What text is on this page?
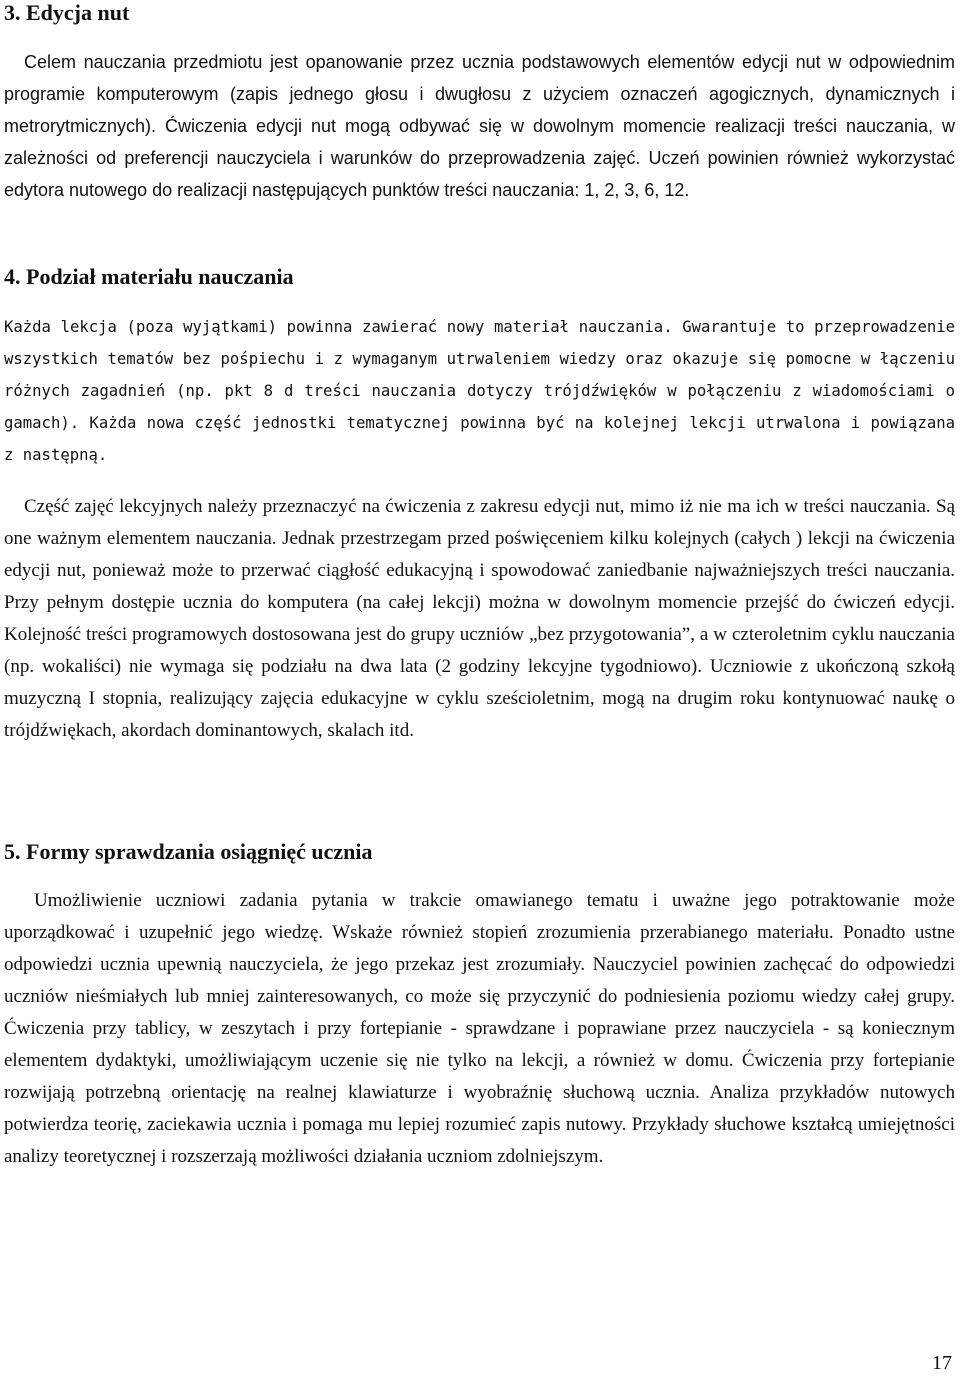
3. Edycja nut

Celem nauczania przedmiotu jest opanowanie przez ucznia podstawowych elementów edycji nut w odpowiednim programie komputerowym (zapis jednego głosu i dwugłosu z użyciem oznaczeń agogicznych, dynamicznych i metrorytmicznych). Ćwiczenia edycji nut mogą odbywać się w dowolnym momencie realizacji treści nauczania, w zależności od preferencji nauczyciela i warunków do przeprowadzenia zajęć. Uczeń powinien również wykorzystać edytora nutowego do realizacji następujących punktów treści nauczania: 1, 2, 3, 6, 12.

4. Podział materiału nauczania

Każda lekcja (poza wyjątkami) powinna zawierać nowy materiał nauczania. Gwarantuje to przeprowadzenie wszystkich tematów bez pośpiechu i z wymaganym utrwaleniem wiedzy oraz okazuje się pomocne w łączeniu różnych zagadnień (np. pkt 8 d treści nauczania dotyczy trójdźwięków w połączeniu z wiadomościami o gamach). Każda nowa część jednostki tematycznej powinna być na kolejnej lekcji utrwalona i powiązana z następną.

Część zajęć lekcyjnych należy przeznaczyć na ćwiczenia z zakresu edycji nut, mimo iż nie ma ich w treści nauczania. Są one ważnym elementem nauczania. Jednak przestrzegam przed poświęceniem kilku kolejnych (całych ) lekcji na ćwiczenia edycji nut, ponieważ może to przerwać ciągłość edukacyjną i spowodować zaniedbanie najważniejszych treści nauczania. Przy pełnym dostępie ucznia do komputera (na całej lekcji) można w dowolnym momencie przejść do ćwiczeń edycji. Kolejność treści programowych dostosowana jest do grupy uczniów „bez przygotowania”, a w czteroletnim cyklu nauczania (np. wokaliści) nie wymaga się podziału na dwa lata (2 godziny lekcyjne tygodniowo). Uczniowie z ukończoną szkołą muzyczną I stopnia, realizujący zajęcia edukacyjne w cyklu sześcioletnim, mogą na drugim roku kontynuować naukę o trójdźwiękach, akordach dominantowych, skalach itd.

5. Formy sprawdzania osiągnięć ucznia

Umożliwienie uczniowi zadania pytania w trakcie omawianego tematu i uważne jego potraktowanie może uporządkować i uzupełnić jego wiedzę. Wskaże również stopień zrozumienia przerabianego materiału. Ponadto ustne odpowiedzi ucznia upewnią nauczyciela, że jego przekaz jest zrozumiały. Nauczyciel powinien zachęcać do odpowiedzi uczniów nieśmiałych lub mniej zainteresowanych, co może się przyczynić do podniesienia poziomu wiedzy całej grupy. Ćwiczenia przy tablicy, w zeszytach i przy fortepianie - sprawdzane i poprawiane przez nauczyciela - są koniecznym elementem dydaktyki, umożliwiającym uczenie się nie tylko na lekcji, a również w domu. Ćwiczenia przy fortepianie rozwijają potrzebną orientację na realnej klawiaturze i wyobraźnię słuchową ucznia. Analiza przykładów nutowych potwierdza teorię, zaciekawia ucznia i pomaga mu lepiej rozumieć zapis nutowy. Przykłady słuchowe kształcą umiejętności analizy teoretycznej i rozszerzają możliwości działania uczniom zdolniejszym.

17
